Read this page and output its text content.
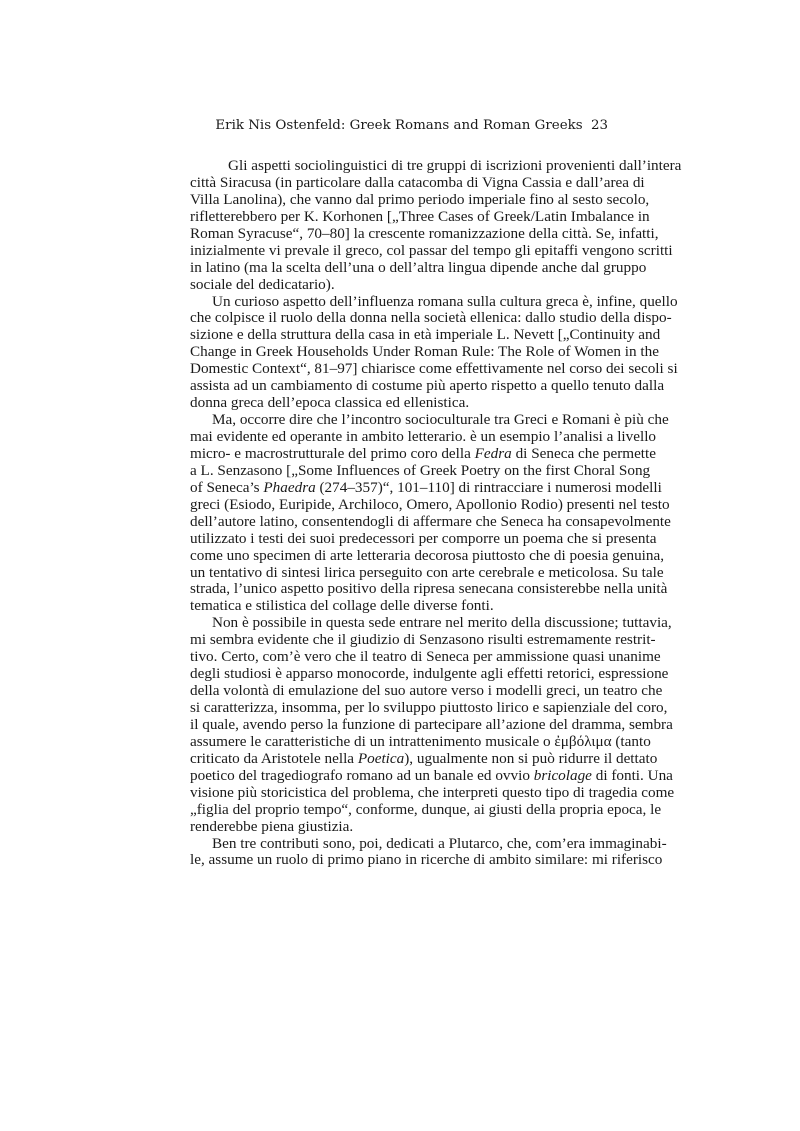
Erik Nis Ostenfeld: Greek Romans and Roman Greeks 23
Gli aspetti sociolinguistici di tre gruppi di iscrizioni provenienti dall’intera
città Siracusa (in particolare dalla catacomba di Vigna Cassia e dall’area di
Villa Lanolina), che vanno dal primo periodo imperiale fino al sesto secolo,
rifletterebbero per K. Korhonen [„Three Cases of Greek/Latin Imbalance in
Roman Syracuse“, 70–80] la crescente romanizzazione della città. Se, infatti,
inizialmente vi prevale il greco, col passar del tempo gli epitaffi vengono scritti
in latino (ma la scelta dell’una o dell’altra lingua dipende anche dal gruppo
sociale del dedicatario).
Un curioso aspetto dell’influenza romana sulla cultura greca è, infine, quello
che colpisce il ruolo della donna nella società ellenica: dallo studio della dispo-
sizione e della struttura della casa in età imperiale L. Nevett [„Continuity and
Change in Greek Households Under Roman Rule: The Role of Women in the
Domestic Context“, 81–97] chiarisce come effettivamente nel corso dei secoli si
assista ad un cambiamento di costume più aperto rispetto a quello tenuto dalla
donna greca dell’epoca classica ed ellenistica.
Ma, occorre dire che l’incontro socioculturale tra Greci e Romani è più che
mai evidente ed operante in ambito letterario. è un esempio l’analisi a livello
micro- e macrostrutturale del primo coro della Fedra di Seneca che permette
a L. Senzasono [„Some Influences of Greek Poetry on the first Choral Song
of Seneca’s Phaedra (274–357)“, 101–110] di rintracciare i numerosi modelli
greci (Esiodo, Euripide, Archiloco, Omero, Apollonio Rodio) presenti nel testo
dell’autore latino, consentendogli di affermare che Seneca ha consapevolmente
utilizzato i testi dei suoi predecessori per comporre un poema che si presenta
come uno specimen di arte letteraria decorosa piuttosto che di poesia genuina,
un tentativo di sintesi lirica perseguito con arte cerebrale e meticolosa. Su tale
strada, l’unico aspetto positivo della ripresa senecana consisterebbe nella unità
tematica e stilistica del collage delle diverse fonti.
Non è possibile in questa sede entrare nel merito della discussione; tuttavia,
mi sembra evidente che il giudizio di Senzasono risulti estremamente restrit-
tivo. Certo, com’è vero che il teatro di Seneca per ammissione quasi unanime
degli studiosi è apparso monocorde, indulgente agli effetti retorici, espressione
della volontà di emulazione del suo autore verso i modelli greci, un teatro che
si caratterizza, insomma, per lo sviluppo piuttosto lirico e sapienziale del coro,
il quale, avendo perso la funzione di partecipare all’azione del dramma, sembra
assumere le caratteristiche di un intrattenimento musicale o ἐμβόλιμα (tanto
criticato da Aristotele nella Poetica), ugualmente non si può ridurre il dettato
poetico del tragediografo romano ad un banale ed ovvio bricolage di fonti. Una
visione più storicistica del problema, che interpreti questo tipo di tragedia come
„figlia del proprio tempo“, conforme, dunque, ai giusti della propria epoca, le
renderebbe piena giustizia.
Ben tre contributi sono, poi, dedicati a Plutarco, che, com’era immaginabi-
le, assume un ruolo di primo piano in ricerche di ambito similare: mi riferisco
